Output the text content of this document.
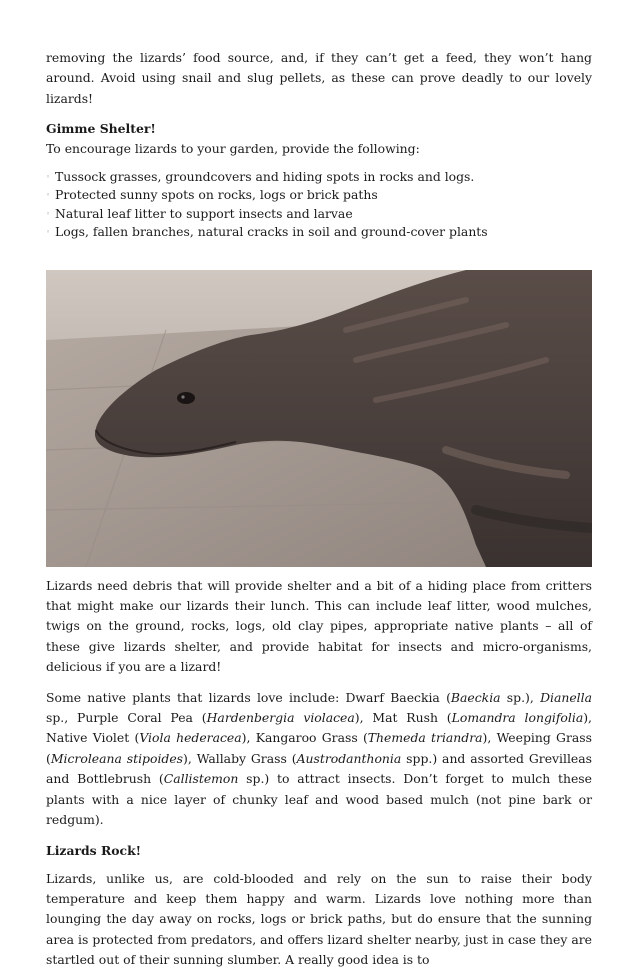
removing the lizards’ food source, and, if they can’t get a feed, they won’t hang around. Avoid using snail and slug pellets, as these can prove deadly to our lovely lizards!

Gimme Shelter!

To encourage lizards to your garden, provide the following:

◦ Tussock grasses, groundcovers and hiding spots in rocks and logs.
◦ Protected sunny spots on rocks, logs or brick paths
◦ Natural leaf litter to support insects and larvae
◦ Logs, fallen branches, natural cracks in soil and ground-cover plants

Lizards need debris that will provide shelter and a bit of a hiding place from critters that might make our lizards their lunch. This can include leaf litter, wood mulches, twigs on the ground, rocks, logs, old clay pipes, appropriate native plants – all of these give lizards shelter, and provide habitat for insects and micro-organisms, delicious if you are a lizard!

Some native plants that lizards love include: Dwarf Baeckia (Baeckia sp.), Dianella sp., Purple Coral Pea (Hardenbergia violacea), Mat Rush (Lomandra longifolia), Native Violet (Viola hederacea), Kangaroo Grass (Themeda triandra), Weeping Grass (Microleana stipoides), Wallaby Grass (Austrodanthonia spp.) and assorted Grevilleas and Bottlebrush (Callistemon sp.) to attract insects. Don’t forget to mulch these plants with a nice layer of chunky leaf and wood based mulch (not pine bark or redgum).

Lizards Rock!

Lizards, unlike us, are cold-blooded and rely on the sun to raise their body temperature and keep them happy and warm. Lizards love nothing more than lounging the day away on rocks, logs or brick paths, but do ensure that the sunning area is protected from predators, and offers lizard shelter nearby, just in case they are startled out of their sunning slumber. A really good idea is to
